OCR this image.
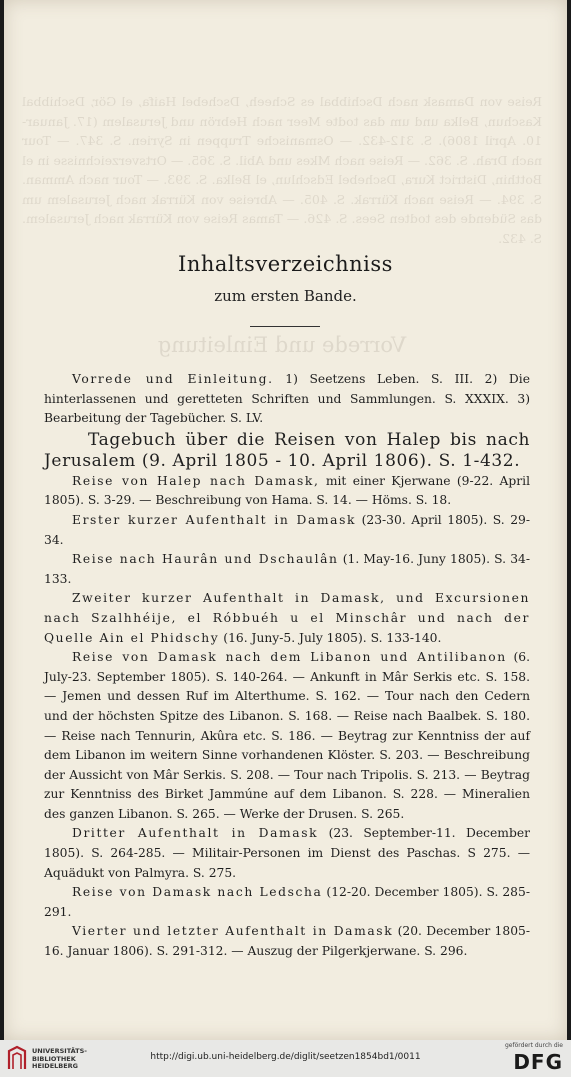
Reise von Damask nach Dschibbal es Scheeh, Dschebel Haifa, el Gör, Dschibbal Kaschun, Belka und um das todte Meer nach Hebrön und Jerusalem (17. Januar-10. April 1806). S. 312-432. — Osmanische Truppen in Syrien. S. 347. — Tour nach Drah. S. 362. — Reise nach Mkes und Abil. S. 365. — Ortsverzeichnisse in el Botthin, District Kura, Dschebel Edschlun, el Belka. S. 393. — Tour nach Amman. S. 394. — Reise nach Kürrak. S. 405. — Abreise von Kürrak nach Jerusalem um das Südende des todten Sees. S. 426. — Tamas Reise von Kürrak nach Jerusalem. S. 432.
Vorrede und Einleitung
Inhaltsverzeichniss
zum ersten Bande.

Vorrede und Einleitung. 1) Seetzens Leben. S. III. 2) Die hinterlassenen und geretteten Schriften und Sammlungen. S. XXXIX. 3) Bearbeitung der Tagebücher. S. LV.

Tagebuch über die Reisen von Halep bis nach Jerusalem (9. April 1805 - 10. April 1806). S. 1-432.

Reise von Halep nach Damask, mit einer Kjerwane (9-22. April 1805). S. 3-29. — Beschreibung von Hama. S. 14. — Höms. S. 18.

Erster kurzer Aufenthalt in Damask (23-30. April 1805). S. 29-34.

Reise nach Haurân und Dschaulân (1. May-16. Juny 1805). S. 34-133.

Zweiter kurzer Aufenthalt in Damask, und Excursionen nach Szalhhéije, el Róbbuéh u el Minschâr und nach der Quelle Ain el Phidschy (16. Juny-5. July 1805). S. 133-140.

Reise von Damask nach dem Libanon und Antilibanon (6. July-23. September 1805). S. 140-264. — Ankunft in Mâr Serkis etc. S. 158. — Jemen und dessen Ruf im Alterthume. S. 162. — Tour nach den Cedern und der höchsten Spitze des Libanon. S. 168. — Reise nach Baalbek. S. 180. — Reise nach Tennurin, Akûra etc. S. 186. — Beytrag zur Kenntniss der auf dem Libanon im weitern Sinne vorhandenen Klöster. S. 203. — Beschreibung der Aussicht von Mâr Serkis. S. 208. — Tour nach Tripolis. S. 213. — Beytrag zur Kenntniss des Birket Jammúne auf dem Libanon. S. 228. — Mineralien des ganzen Libanon. S. 265. — Werke der Drusen. S. 265.

Dritter Aufenthalt in Damask (23. September-11. December 1805). S. 264-285. — Militair-Personen im Dienst des Paschas. S 275. — Aquädukt von Palmyra. S. 275.

Reise von Damask nach Ledscha (12-20. December 1805). S. 285-291.

Vierter und letzter Aufenthalt in Damask (20. December 1805-16. Januar 1806). S. 291-312. — Auszug der Pilgerkjerwane. S. 296.

UNIVERSITÄTS-
BIBLIOTHEK
HEIDELBERG
http://digi.ub.uni-heidelberg.de/diglit/seetzen1854bd1/0011
gefördert durch die
DFG
